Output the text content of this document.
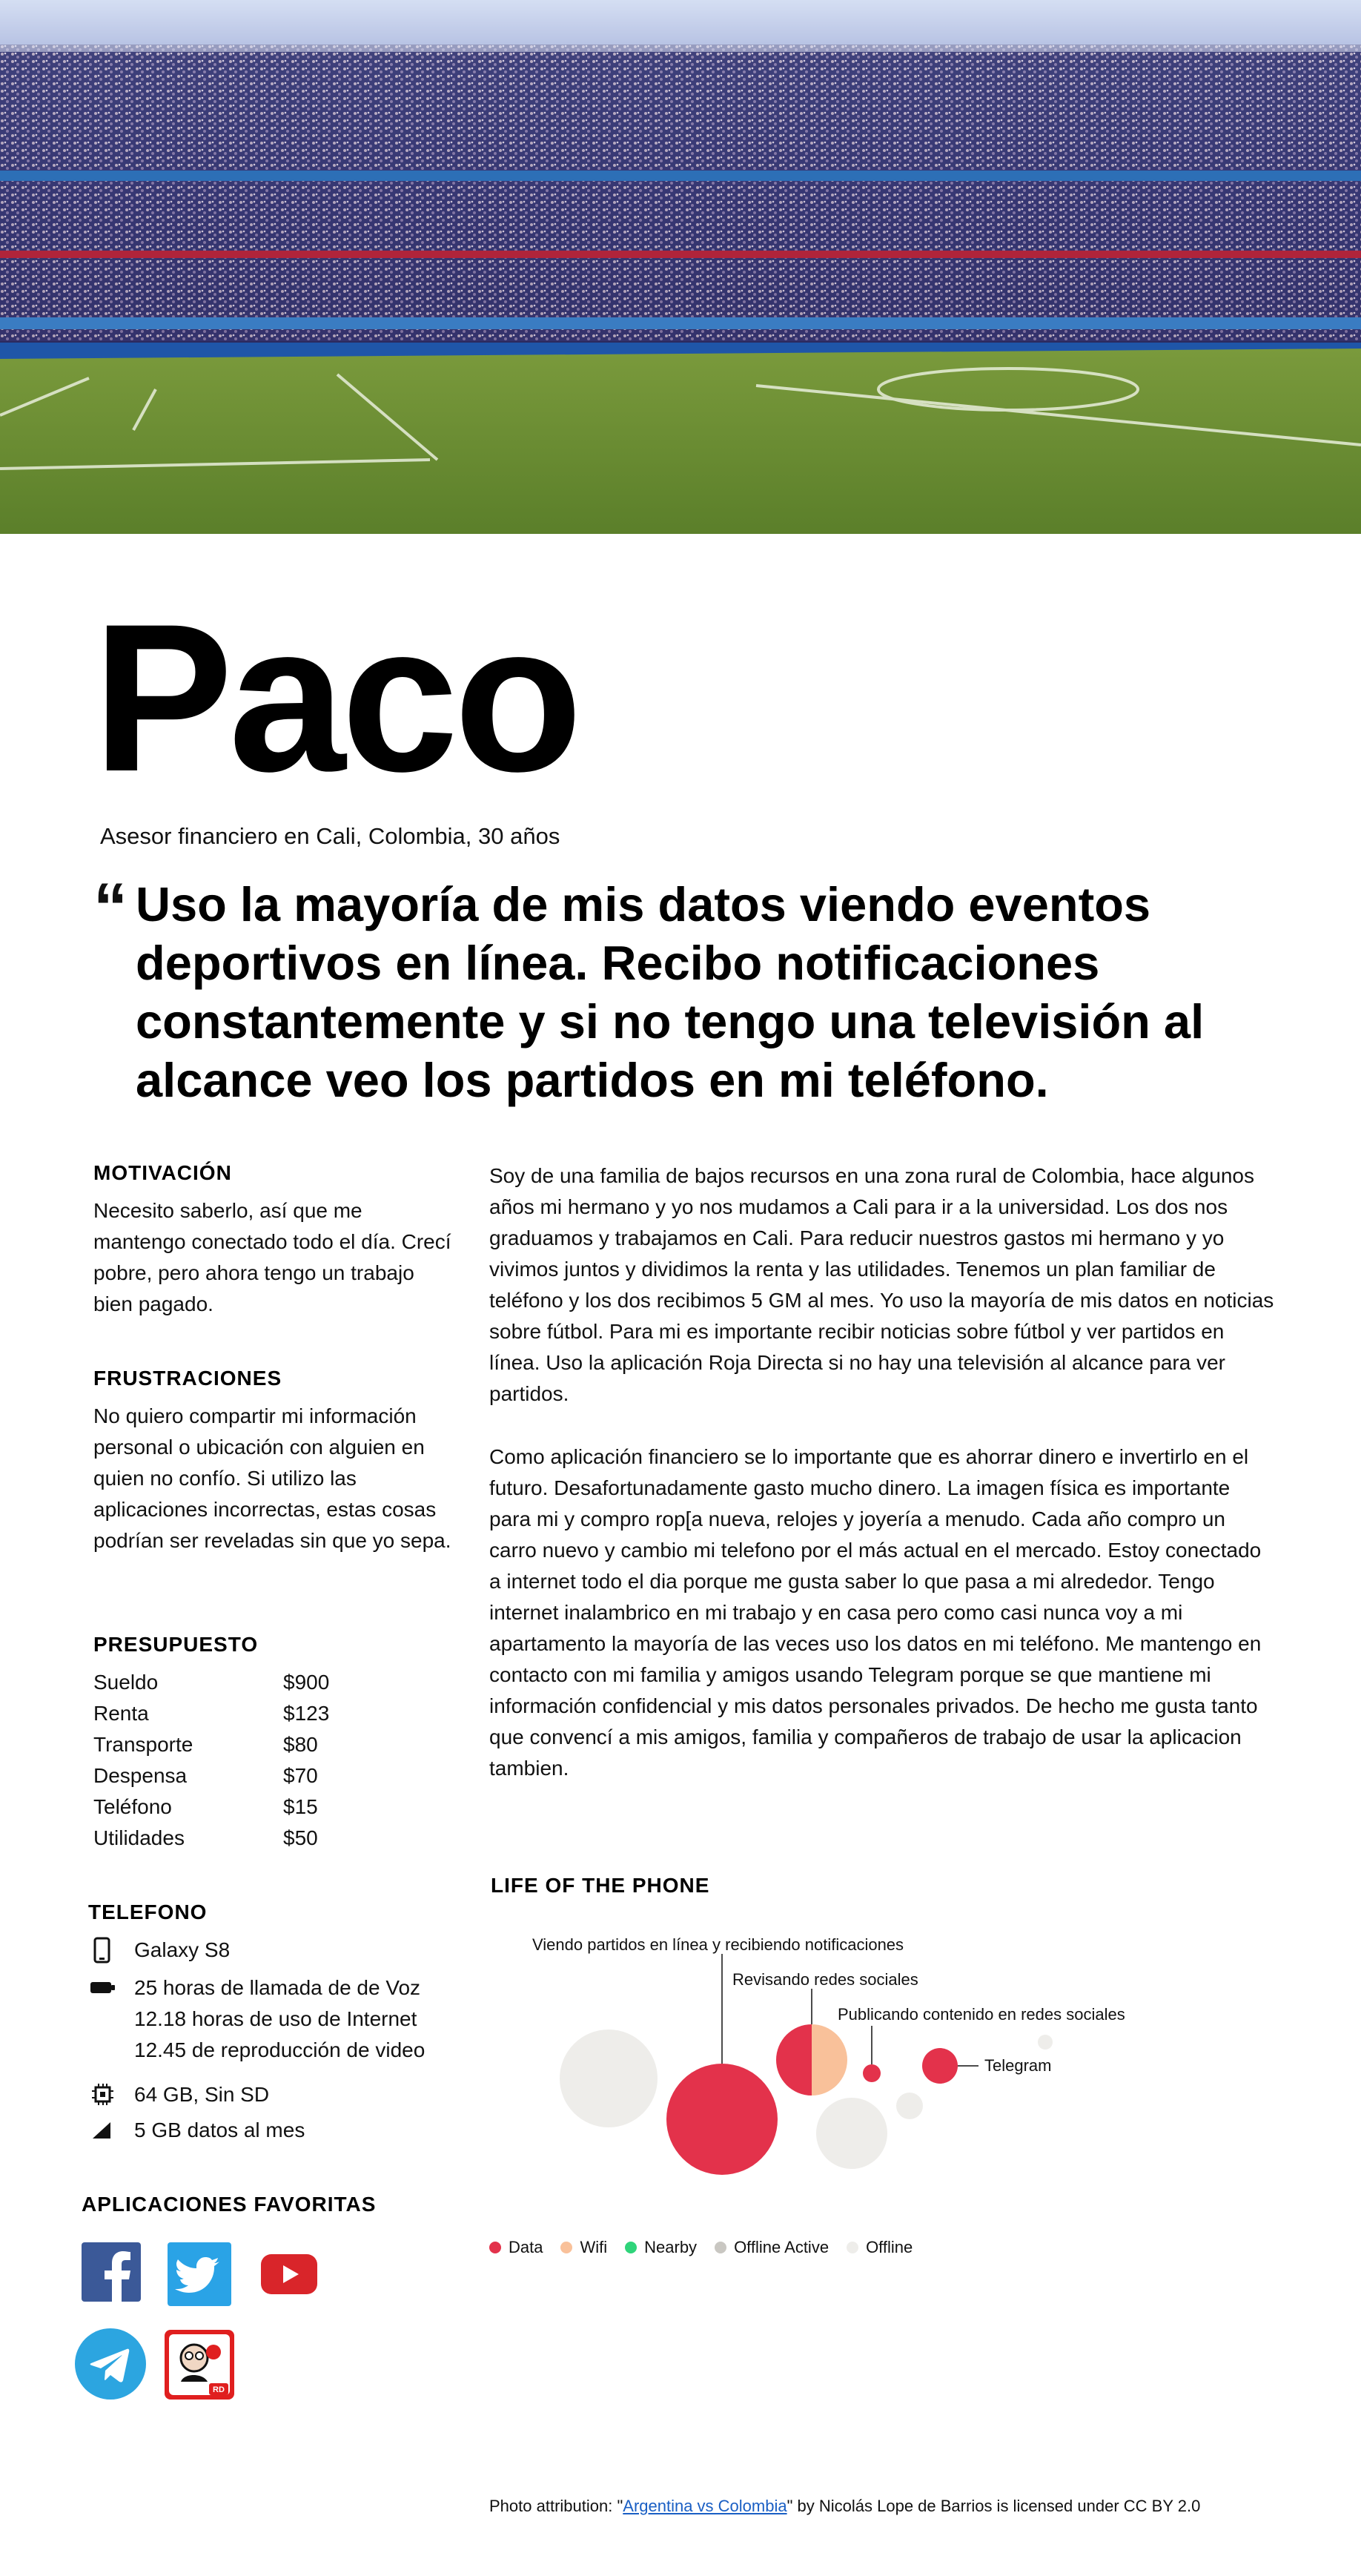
Paco
Asesor financiero en Cali, Colombia, 30 años
“ Uso la mayoría de mis datos viendo eventos deportivos en línea. Recibo notificaciones constantemente y si no tengo una televisión al alcance veo los partidos en mi teléfono.
MOTIVACIÓN
Necesito saberlo, así que me mantengo conectado todo el día. Crecí pobre, pero ahora tengo un trabajo bien pagado.
FRUSTRACIONES
No quiero compartir mi información personal o ubicación con alguien en quien no confío. Si utilizo las aplicaciones incorrectas, estas cosas podrían ser reveladas sin que yo sepa.
PRESUPUESTO
Sueldo	$900
Renta	$123
Transporte	$80
Despensa	$70
Teléfono	$15
Utilidades	$50
TELEFONO
Galaxy S8
25 horas de llamada de de Voz
12.18 horas de uso de Internet
12.45 de reproducción de video
64 GB, Sin SD
5 GB datos al mes
APLICACIONES FAVORITAS
RD
Soy de una familia de bajos recursos en una zona rural de Colombia, hace algunos años mi hermano y yo nos mudamos a Cali para ir a la universidad. Los dos nos graduamos y trabajamos en Cali. Para reducir nuestros gastos mi hermano y yo vivimos juntos y dividimos la renta y las utilidades. Tenemos un plan familiar de teléfono y los dos recibimos 5 GM al mes. Yo uso la mayoría de mis datos en noticias sobre fútbol. Para mi es importante recibir noticias sobre fútbol y ver partidos en línea. Uso la aplicación Roja Directa si no hay una televisión al alcance para ver partidos.
Como aplicación financiero se lo importante que es ahorrar dinero e invertirlo en el futuro. Desafortunadamente gasto mucho dinero. La imagen física es importante para mi y compro rop[a nueva, relojes y joyería a menudo. Cada año compro un carro nuevo y cambio mi telefono por el más actual en el mercado. Estoy conectado a internet todo el dia porque me gusta saber lo que pasa a mi alrededor. Tengo internet inalambrico en mi trabajo y en casa pero como casi nunca voy a mi apartamento la mayoría de las veces uso los datos en mi teléfono. Me mantengo en contacto con mi familia y amigos usando Telegram porque se que mantiene mi información confidencial y mis datos personales privados. De hecho me gusta tanto que convencí a mis amigos, familia y compañeros de trabajo de usar la aplicacion tambien.
LIFE OF THE PHONE
Viendo partidos en línea y recibiendo notificaciones
Revisando redes sociales
Publicando contenido en redes sociales
Telegram
Data Wifi Nearby Offline Active Offline
Photo attribution: "Argentina vs Colombia" by Nicolás Lope de Barrios is licensed under CC BY 2.0
